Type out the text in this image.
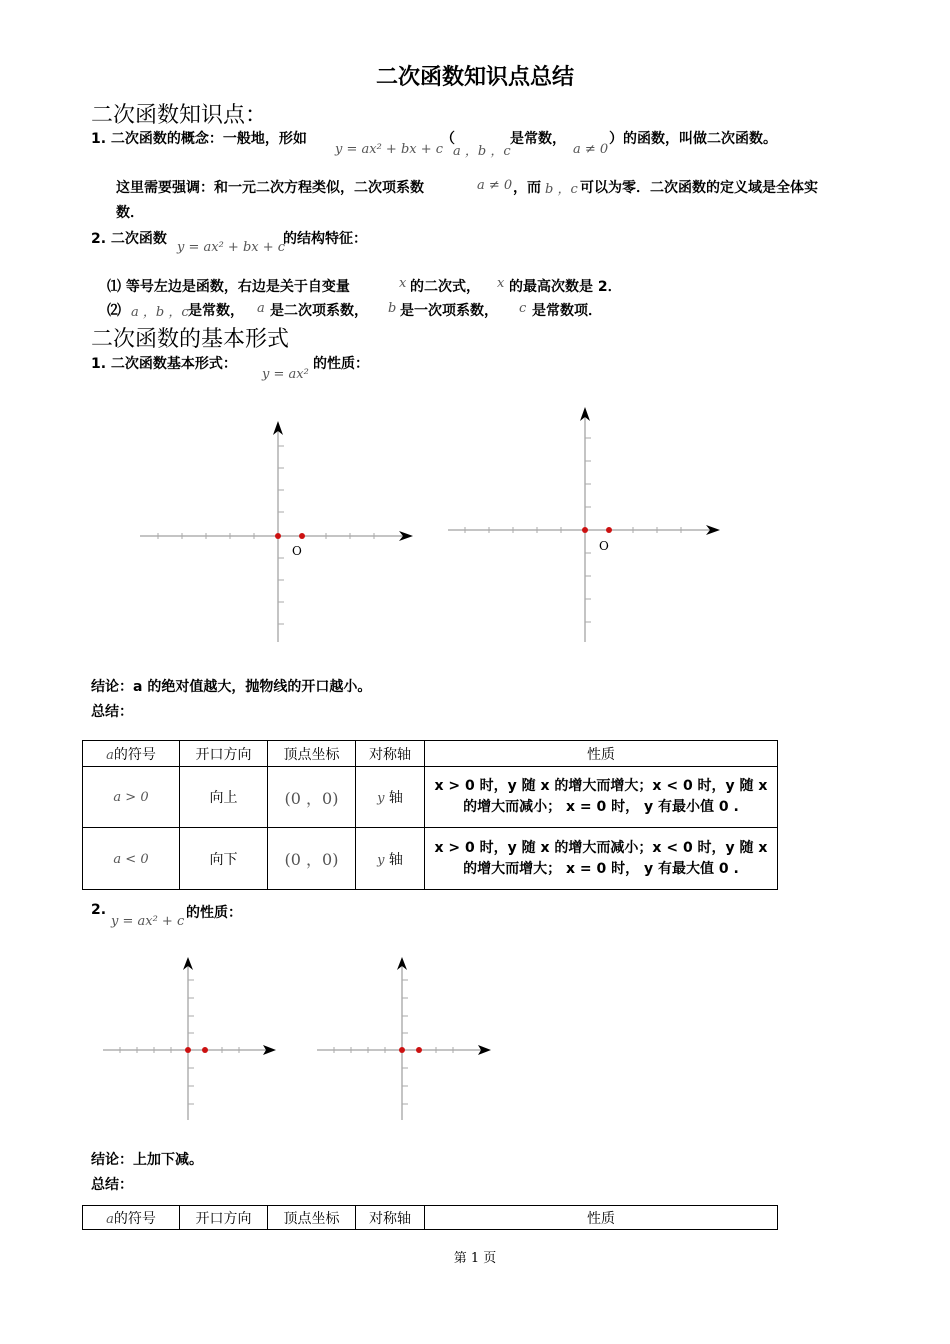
二次函数知识点总结
二次函数知识点：
1. 二次函数的概念：一般地，形如
y = ax² + bx + c
（
a ，b ，c
是常数，
a ≠ 0
）的函数，叫做二次函数。
这里需要强调：和一元二次方程类似，二次项系数	a ≠ 0 ，而 b ，c 可以为零．二次函数的定义域是全体实
数．
2. 二次函数
y = ax² + bx + c
的结构特征：
⑴ 等号左边是函数，右边是关于自变量	x 的二次式， x 的最高次数是 2．
⑵ a ，b ，c 是常数， a 是二次项系数， b 是一次项系数， c 是常数项．
二次函数的基本形式
1. 二次函数基本形式：
y = ax²
的性质：
O	O
结论：a 的绝对值越大，抛物线的开口越小。
总结：
a的符号	开口方向	顶点坐标	对称轴	性质
a > 0	向上	(0 ，0)	y 轴	x > 0 时，y 随 x 的增大而增大；x < 0 时，y 随 x
的增大而减小； x = 0 时， y 有最小值 0 .

a < 0	向下	(0 ，0)	y 轴	x > 0 时，y 随 x 的增大而减小；x < 0 时，y 随 x
的增大而增大； x = 0 时， y 有最大值 0 .
2.
y = ax² + c
的性质：
结论：上加下减。
总结：
a的符号	开口方向	顶点坐标	对称轴	性质
第 1 页
